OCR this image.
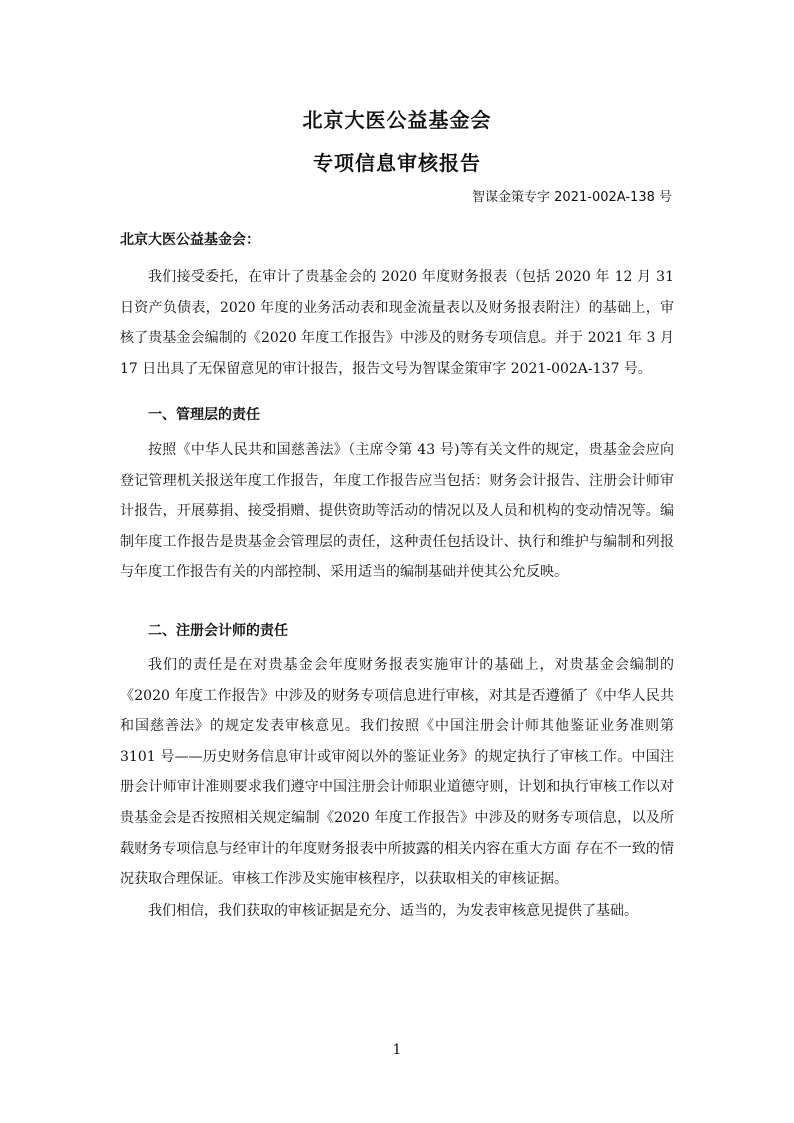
北京大医公益基金会
专项信息审核报告
智谋金策专字 2021-002A-138 号
北京大医公益基金会：

我们接受委托，在审计了贵基金会的 2020 年度财务报表（包括 2020 年 12 月 31 日资产负债表，2020 年度的业务活动表和现金流量表以及财务报表附注）的基础上，审核了贵基金会编制的《2020 年度工作报告》中涉及的财务专项信息。并于 2021 年 3 月 17 日出具了无保留意见的审计报告，报告文号为智谋金策审字 2021-002A-137 号。

一、管理层的责任

按照《中华人民共和国慈善法》（主席令第 43 号)等有关文件的规定，贵基金会应向登记管理机关报送年度工作报告，年度工作报告应当包括：财务会计报告、注册会计师审计报告，开展募捐、接受捐赠、提供资助等活动的情况以及人员和机构的变动情况等。编制年度工作报告是贵基金会管理层的责任，这种责任包括设计、执行和维护与编制和列报与年度工作报告有关的内部控制、采用适当的编制基础并使其公允反映。

二、注册会计师的责任

我们的责任是在对贵基金会年度财务报表实施审计的基础上，对贵基金会编制的《2020 年度工作报告》中涉及的财务专项信息进行审核，对其是否遵循了《中华人民共和国慈善法》的规定发表审核意见。我们按照《中国注册会计师其他鉴证业务准则第 3101 号——历史财务信息审计或审阅以外的鉴证业务》的规定执行了审核工作。中国注册会计师审计准则要求我们遵守中国注册会计师职业道德守则，计划和执行审核工作以对贵基金会是否按照相关规定编制《2020 年度工作报告》中涉及的财务专项信息，以及所载财务专项信息与经审计的年度财务报表中所披露的相关内容在重大方面 存在不一致的情况获取合理保证。审核工作涉及实施审核程序，以获取相关的审核证据。

我们相信，我们获取的审核证据是充分、适当的，为发表审核意见提供了基础。

1
